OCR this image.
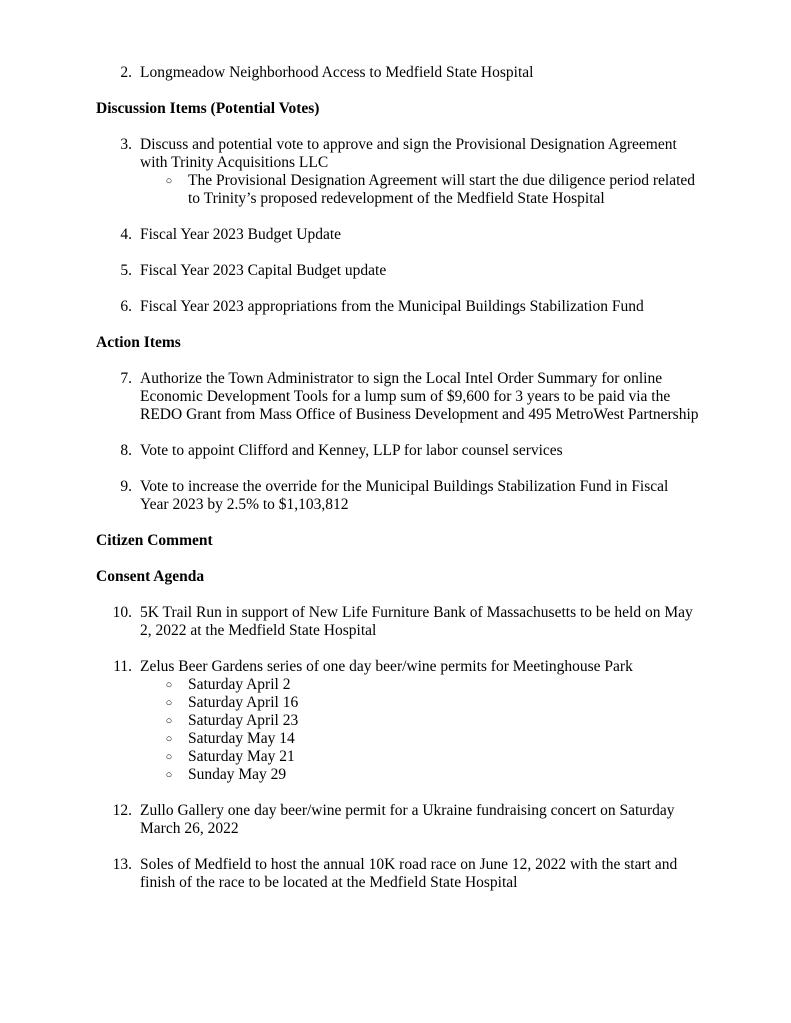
2. Longmeadow Neighborhood Access to Medfield State Hospital
Discussion Items (Potential Votes)
3. Discuss and potential vote to approve and sign the Provisional Designation Agreement with Trinity Acquisitions LLC
○ The Provisional Designation Agreement will start the due diligence period related to Trinity’s proposed redevelopment of the Medfield State Hospital
4. Fiscal Year 2023 Budget Update
5. Fiscal Year 2023 Capital Budget update
6. Fiscal Year 2023 appropriations from the Municipal Buildings Stabilization Fund
Action Items
7. Authorize the Town Administrator to sign the Local Intel Order Summary for online Economic Development Tools for a lump sum of $9,600 for 3 years to be paid via the REDO Grant from Mass Office of Business Development and 495 MetroWest Partnership
8. Vote to appoint Clifford and Kenney, LLP for labor counsel services
9. Vote to increase the override for the Municipal Buildings Stabilization Fund in Fiscal Year 2023 by 2.5% to $1,103,812
Citizen Comment
Consent Agenda
10. 5K Trail Run in support of New Life Furniture Bank of Massachusetts to be held on May 2, 2022 at the Medfield State Hospital
11. Zelus Beer Gardens series of one day beer/wine permits for Meetinghouse Park
○ Saturday April 2
○ Saturday April 16
○ Saturday April 23
○ Saturday May 14
○ Saturday May 21
○ Sunday May 29
12. Zullo Gallery one day beer/wine permit for a Ukraine fundraising concert on Saturday March 26, 2022
13. Soles of Medfield to host the annual 10K road race on June 12, 2022 with the start and finish of the race to be located at the Medfield State Hospital
